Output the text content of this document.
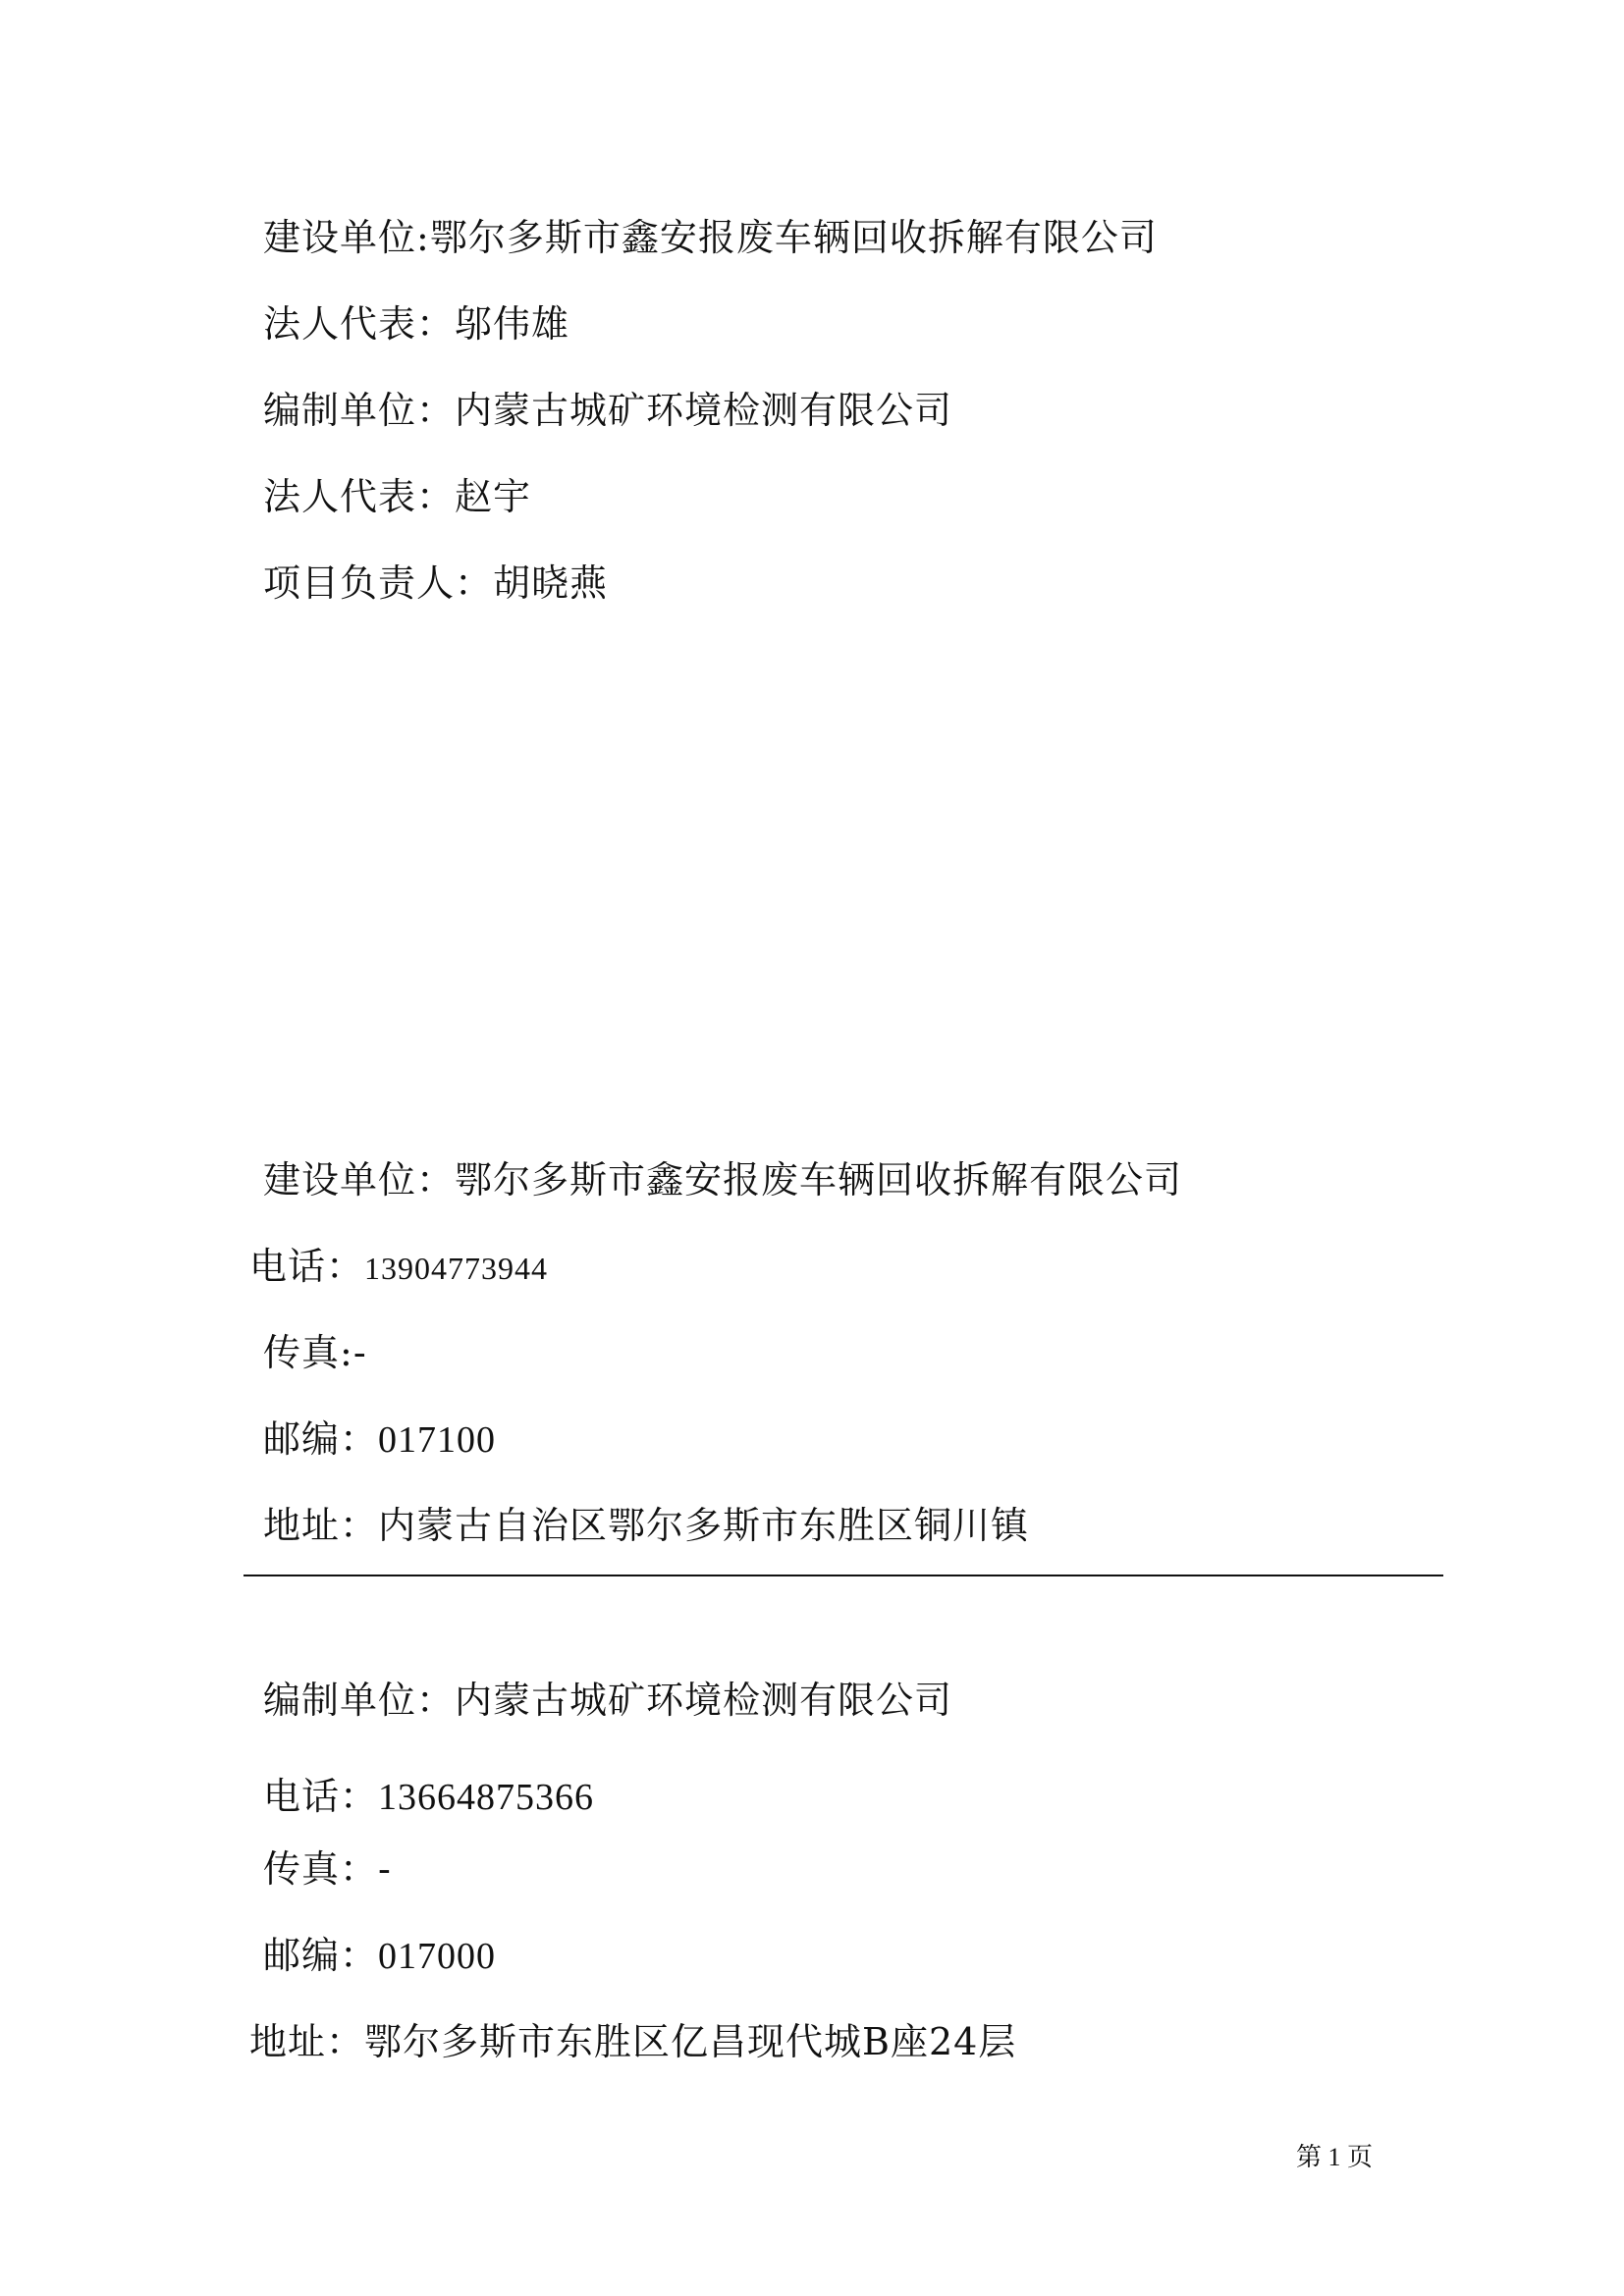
建设单位:鄂尔多斯市鑫安报废车辆回收拆解有限公司
法人代表：邬伟雄
编制单位：内蒙古城矿环境检测有限公司
法人代表：赵宇
项目负责人：胡晓燕
建设单位：鄂尔多斯市鑫安报废车辆回收拆解有限公司
电话：13904773944
传真:-
邮编：017100
地址：内蒙古自治区鄂尔多斯市东胜区铜川镇
编制单位：内蒙古城矿环境检测有限公司
电话：13664875366
传真：-
邮编：017000
地址：鄂尔多斯市东胜区亿昌现代城B座24层
第 1 页
